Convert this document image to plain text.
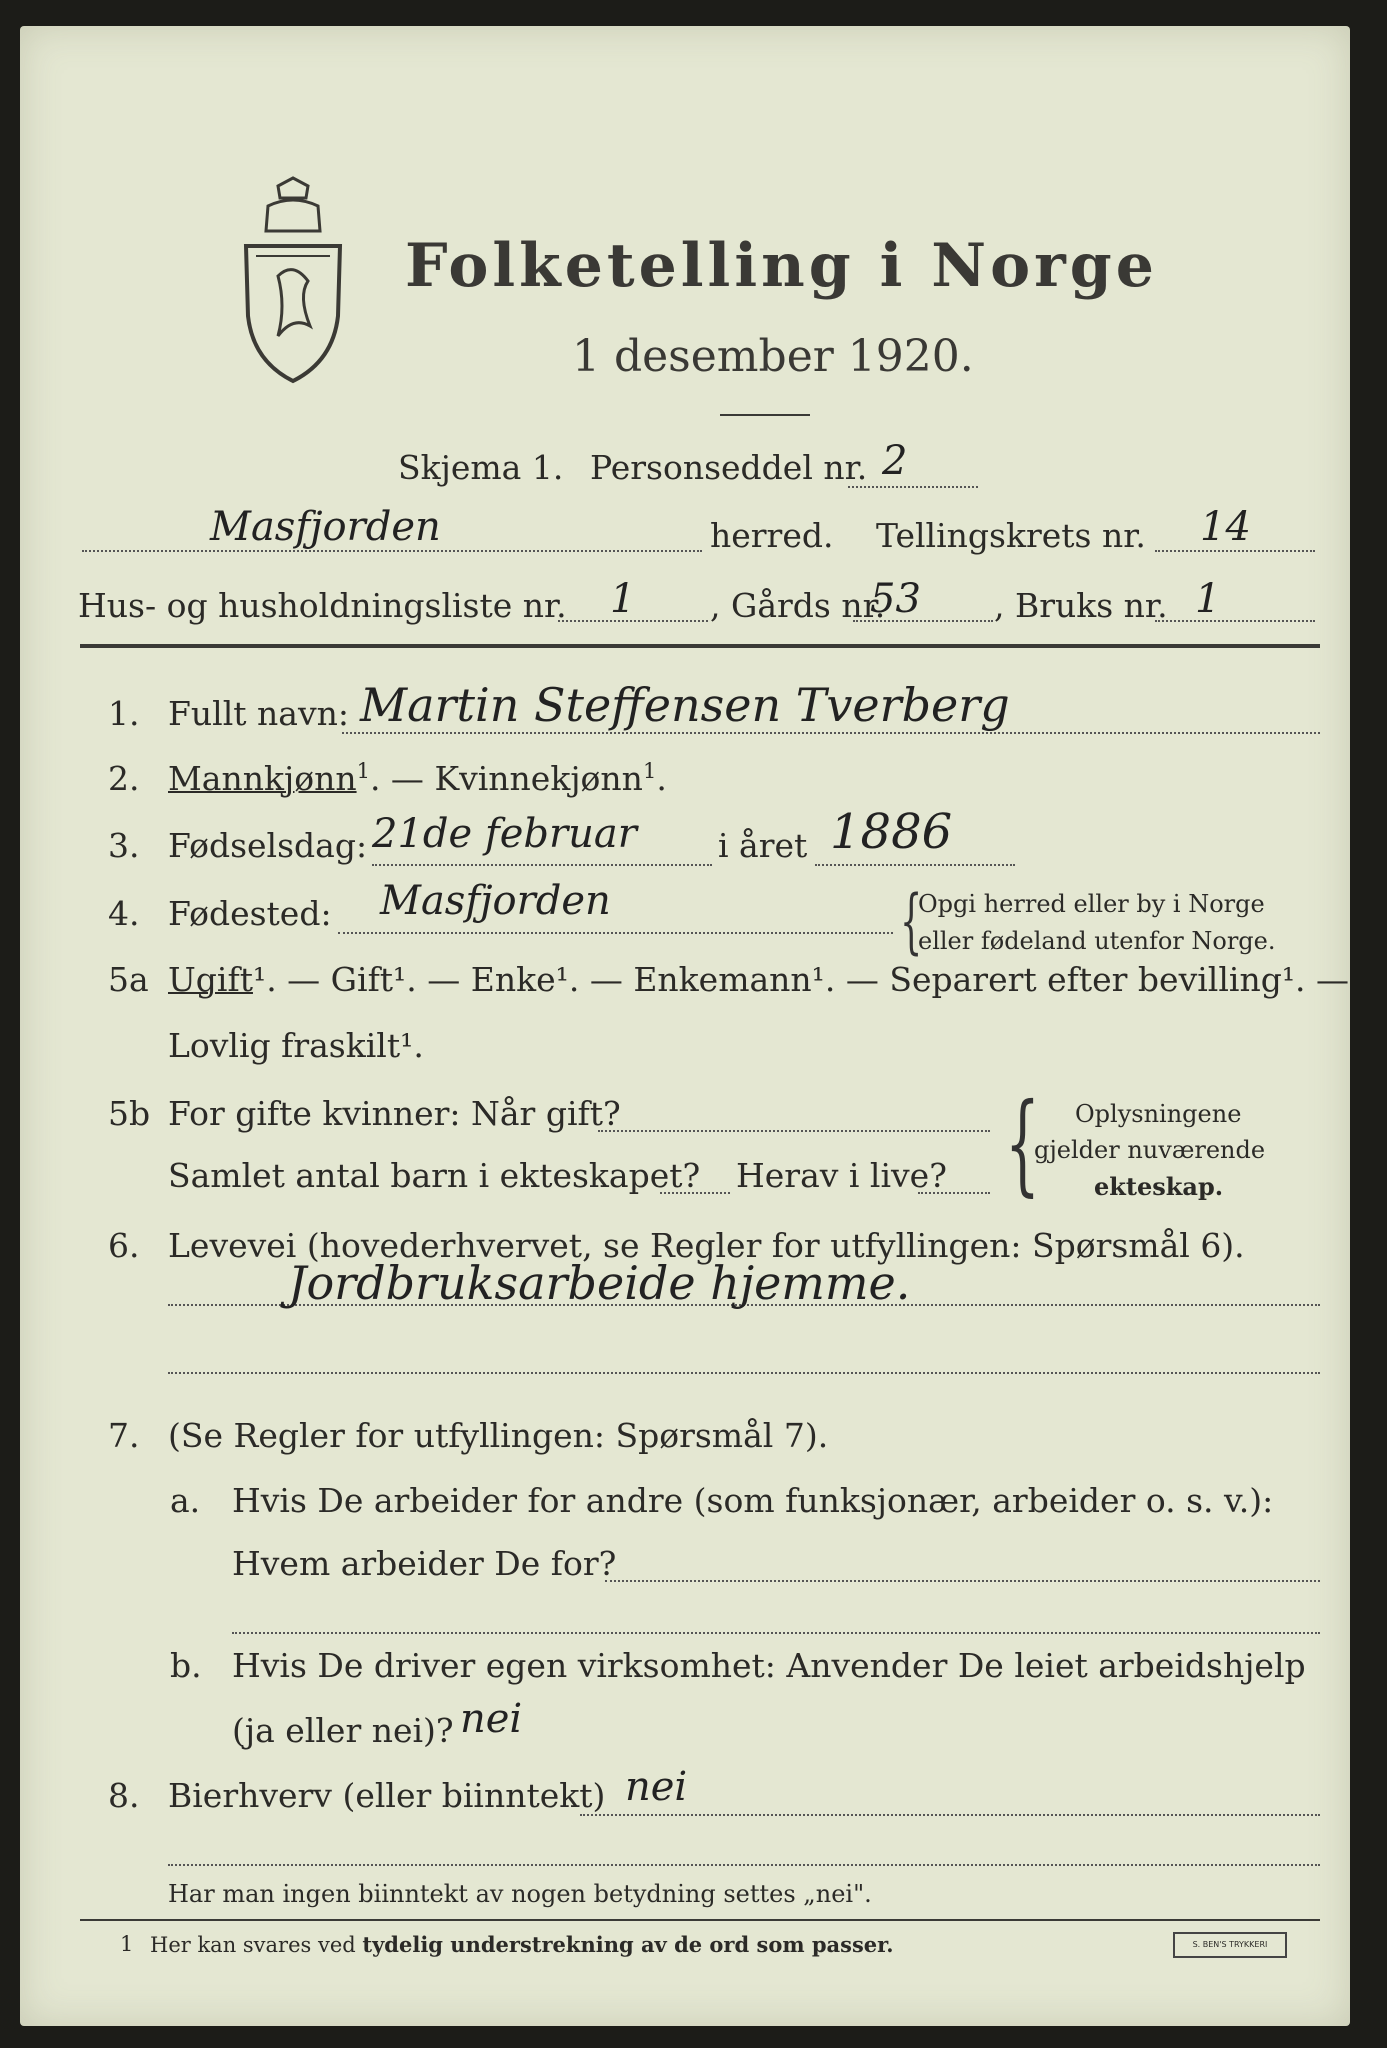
Folketelling i Norge
1 desember 1920.
Skjema 1. Personseddel nr. 2
Masfjorden	herred. Tellingskrets nr. 14
Hus- og husholdningsliste nr. 1 , Gårds nr.
53 , Bruks nr. 1
1. Fullt navn: Martin Steffensen Tverberg
2. Mannkjønn$^1$. — Kvinnekjønn$^1$.
3. Fødselsdag: 21de februar i året 1886
4. Fødested: Masfjorden	{
Opgi herred eller by i Norge
eller fødeland utenfor Norge.
5a Ugift¹. — Gift¹. — Enke¹. — Enkemann¹. — Separert efter bevilling¹. —
Lovlig fraskilt¹.
5b For gifte kvinner: Når gift?
Samlet antal barn i ekteskapet? Herav i live? { Oplysningene
gjelder nuværende
ekteskap.
6. Levevei (hovederhvervet, se Regler for utfyllingen: Spørsmål 6).
Jordbruksarbeide hjemme.
7. (Se Regler for utfyllingen: Spørsmål 7).
a. Hvis De arbeider for andre (som funksjonær, arbeider o. s. v.):
Hvem arbeider De for?
b. Hvis De driver egen virksomhet: Anvender De leiet arbeidshjelp
(ja eller nei)? nei
8. Bierhverv (eller biinntekt) nei
Har man ingen biinntekt av nogen betydning settes „nei".
1 Her kan svares ved tydelig understrekning av de ord som passer.	S. BEN'S TRYKKERI
